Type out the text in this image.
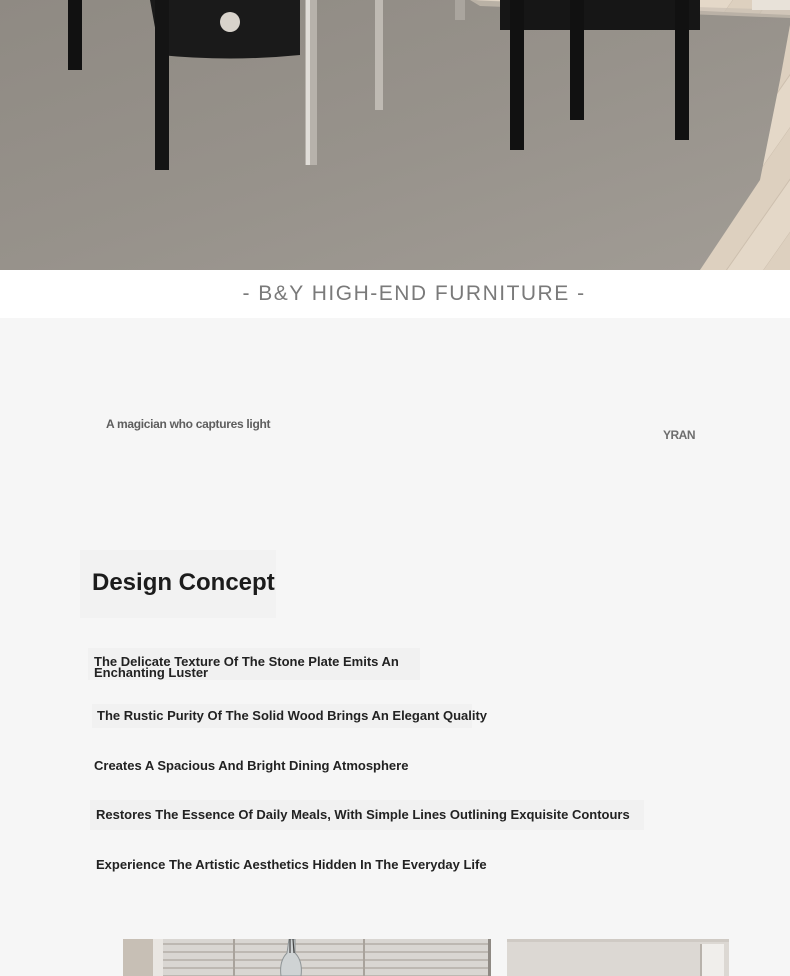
- B&Y HIGH-END FURNITURE -
A magician who captures light
YRAN
Design Concept
The Delicate Texture Of The Stone Plate Emits An Enchanting Luster
The Rustic Purity Of The Solid Wood Brings An Elegant Quality
Creates A Spacious And Bright Dining Atmosphere
Restores The Essence Of Daily Meals, With Simple Lines Outlining Exquisite Contours
Experience The Artistic Aesthetics Hidden In The Everyday Life
